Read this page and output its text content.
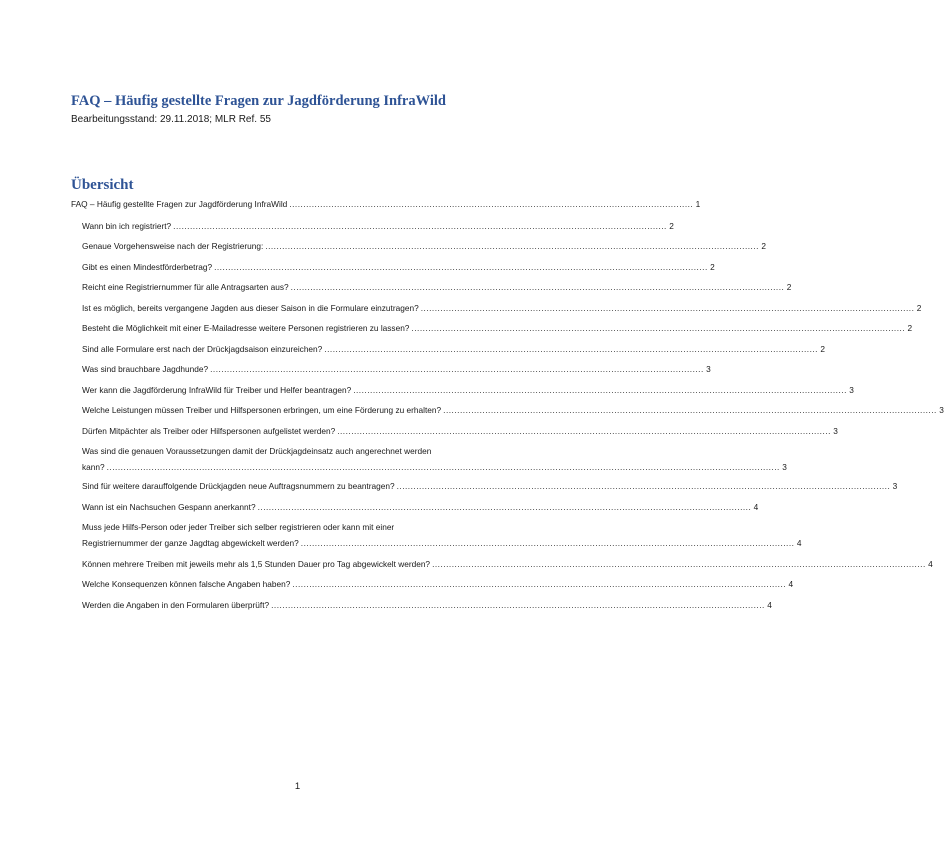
FAQ – Häufig gestellte Fragen zur Jagdförderung InfraWild
Bearbeitungsstand: 29.11.2018; MLR Ref. 55
Übersicht
FAQ – Häufig gestellte Fragen zur Jagdförderung InfraWild ................................................................................................................................................ 1
Wann bin ich registriert? ................................................................................................................................................................................ 2
Genaue Vorgehensweise nach der Registrierung: ................................................................................................................................................................................ 2
Gibt es einen Mindestförderbetrag? ................................................................................................................................................................................ 2
Reicht eine Registriernummer für alle Antragsarten aus? ................................................................................................................................................................................ 2
Ist es möglich, bereits vergangene Jagden aus dieser Saison in die Formulare einzutragen? ................................................................................................................................................................................ 2
Besteht die Möglichkeit mit einer E-Mailadresse weitere Personen registrieren zu lassen? ................................................................................................................................................................................ 2
Sind alle Formulare erst nach der Drückjagdsaison einzureichen? ................................................................................................................................................................................ 2
Was sind brauchbare Jagdhunde? ................................................................................................................................................................................ 3
Wer kann die Jagdförderung InfraWild für Treiber und Helfer beantragen? ................................................................................................................................................................................ 3
Welche Leistungen müssen Treiber und Hilfspersonen erbringen, um eine Förderung zu erhalten? ................................................................................................................................................................................ 3
Dürfen Mitpächter als Treiber oder Hilfspersonen aufgelistet werden? ................................................................................................................................................................................ 3
Was sind die genauen Voraussetzungen damit der Drückjagdeinsatz auch angerechnet werden
kann? ................................................................................................................................................................................................................................................ 3
Sind für weitere darauffolgende Drückjagden neue Auftragsnummern zu beantragen? ................................................................................................................................................................................ 3
Wann ist ein Nachsuchen Gespann anerkannt? ................................................................................................................................................................................ 4
Muss jede Hilfs-Person oder jeder Treiber sich selber registrieren oder kann mit einer
Registriernummer der ganze Jagdtag abgewickelt werden? ................................................................................................................................................................................ 4
Können mehrere Treiben mit jeweils mehr als 1,5 Stunden Dauer pro Tag abgewickelt werden? ................................................................................................................................................................................ 4
Welche Konsequenzen können falsche Angaben haben? ................................................................................................................................................................................ 4
Werden die Angaben in den Formularen überprüft? ................................................................................................................................................................................ 4
1
